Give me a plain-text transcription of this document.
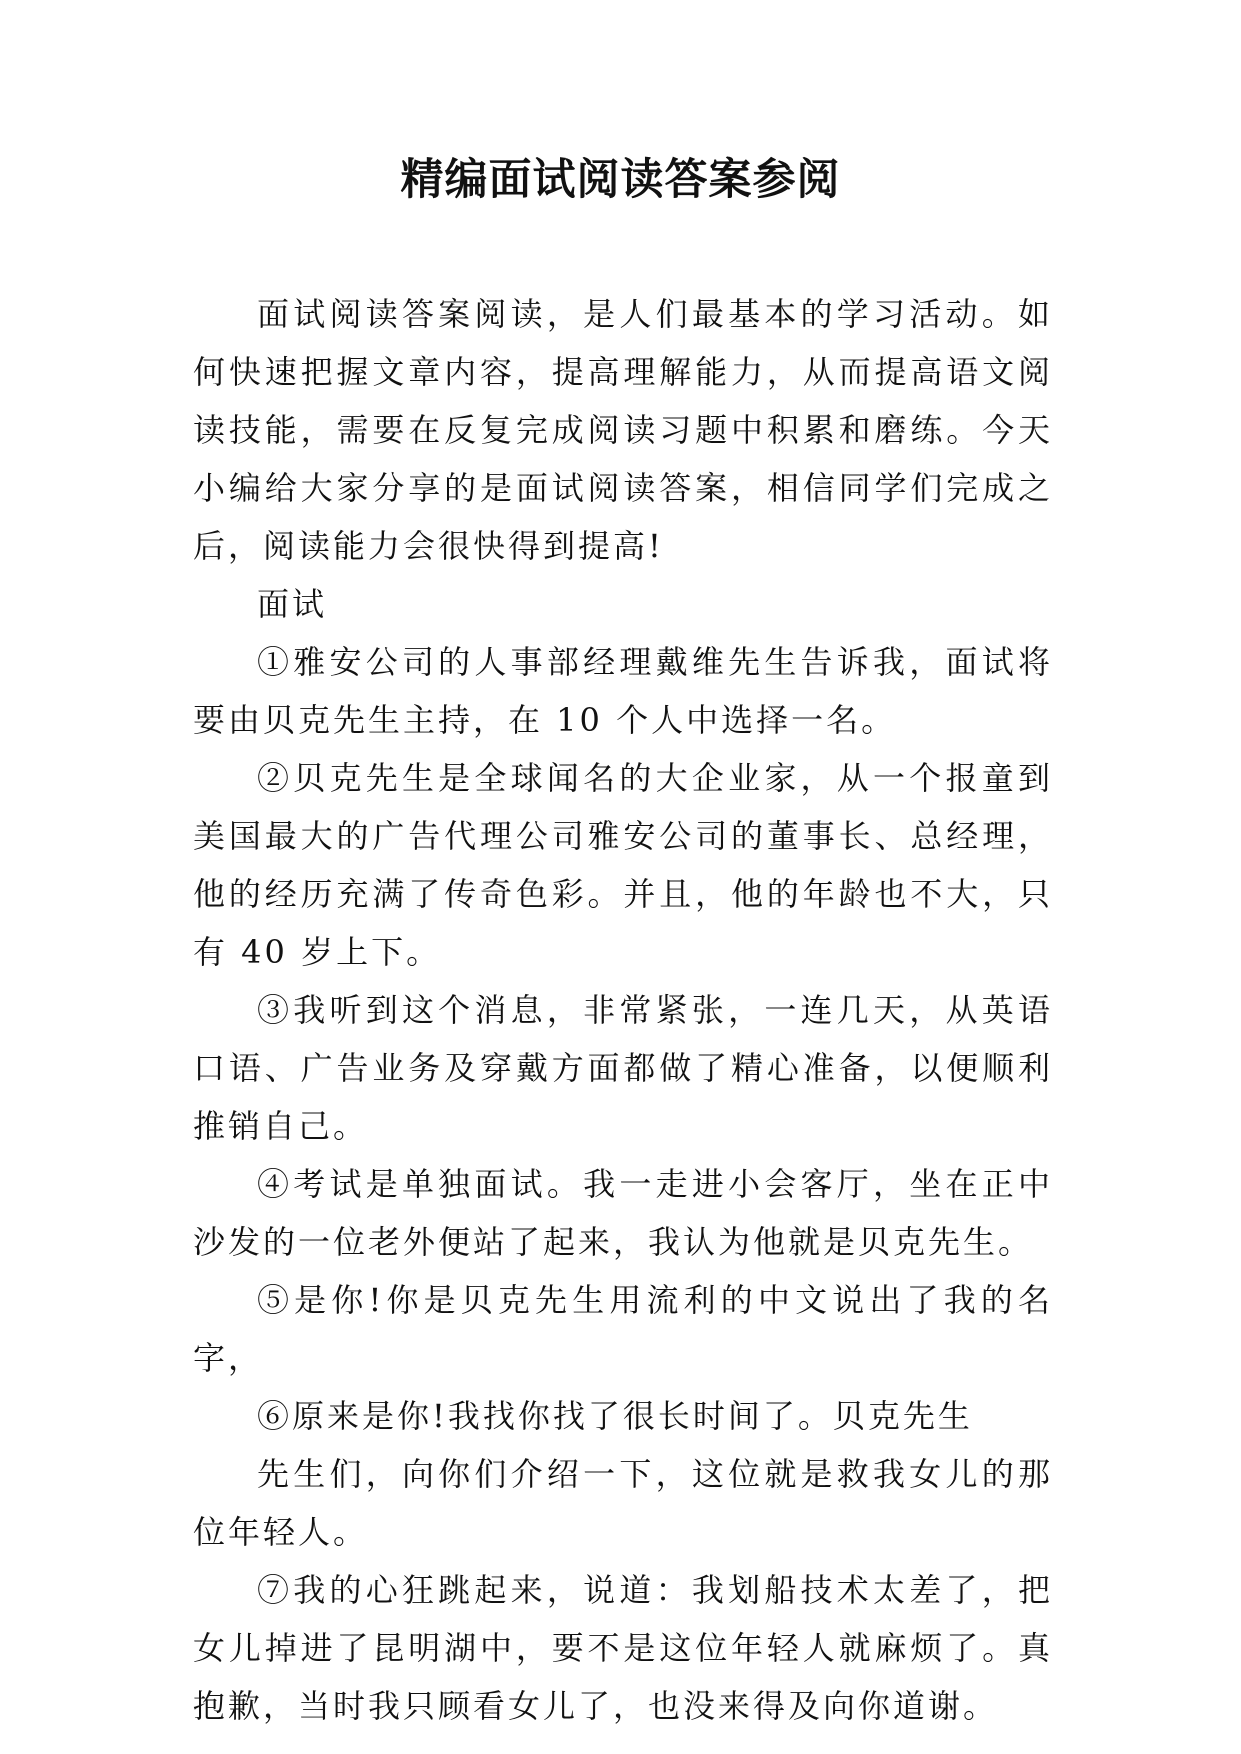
精编面试阅读答案参阅

面试阅读答案阅读，是人们最基本的学习活动。如何快速把握文章内容，提高理解能力，从而提高语文阅读技能，需要在反复完成阅读习题中积累和磨练。今天小编给大家分享的是面试阅读答案，相信同学们完成之后，阅读能力会很快得到提高!

面试

①雅安公司的人事部经理戴维先生告诉我，面试将要由贝克先生主持，在 10 个人中选择一名。

②贝克先生是全球闻名的大企业家，从一个报童到美国最大的广告代理公司雅安公司的董事长、总经理，他的经历充满了传奇色彩。并且，他的年龄也不大，只有 40 岁上下。

③我听到这个消息，非常紧张，一连几天，从英语口语、广告业务及穿戴方面都做了精心准备，以便顺利推销自己。

④考试是单独面试。我一走进小会客厅，坐在正中沙发的一位老外便站了起来，我认为他就是贝克先生。

⑤是你!你是贝克先生用流利的中文说出了我的名字，

⑥原来是你!我找你找了很长时间了。贝克先生

先生们，向你们介绍一下，这位就是救我女儿的那位年轻人。

⑦我的心狂跳起来，说道：我划船技术太差了，把女儿掉进了昆明湖中，要不是这位年轻人就麻烦了。真抱歉，当时我只顾看女儿了，也没来得及向你道谢。
